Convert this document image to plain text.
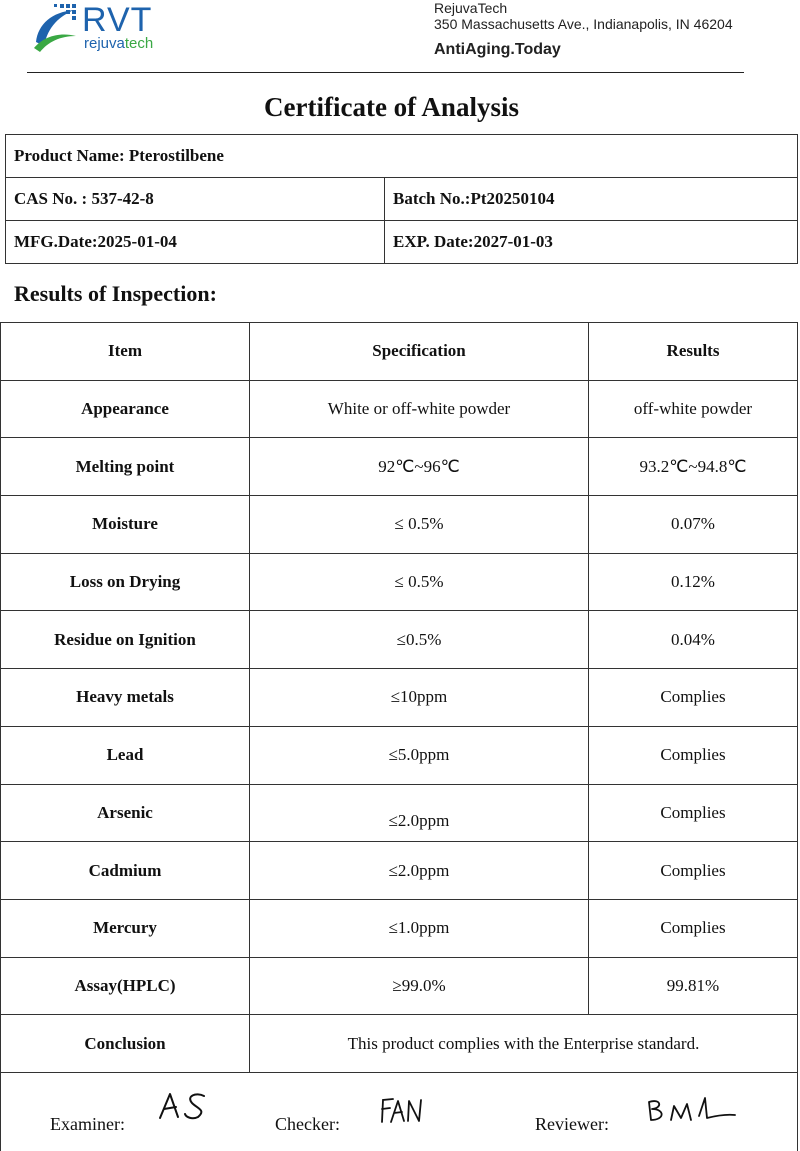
RVT
rejuvatech
RejuvaTech
350 Massachusetts Ave., Indianapolis, IN 46204
AntiAging.Today
Certificate of Analysis
Product Name: Pterostilbene	
CAS No. : 537-42-8	Batch No.:Pt20250104
MFG.Date:2025-01-04	EXP. Date:2027-01-03
Results of Inspection:
Item	Specification	Results
Appearance	White or off-white powder	off-white powder
Melting point	92℃~96℃	93.2℃~94.8℃
Moisture	≤ 0.5%	0.07%
Loss on Drying	≤ 0.5%	0.12%
Residue on Ignition	≤0.5%	0.04%
Heavy metals	≤10ppm	Complies
Lead	≤5.0ppm	Complies
Arsenic	≤2.0ppm	Complies
Cadmium	≤2.0ppm	Complies
Mercury	≤1.0ppm	Complies
Assay(HPLC)	≥99.0%	99.81%
Conclusion	This product complies with the Enterprise standard.	
Examiner:	Checker:	Reviewer:
